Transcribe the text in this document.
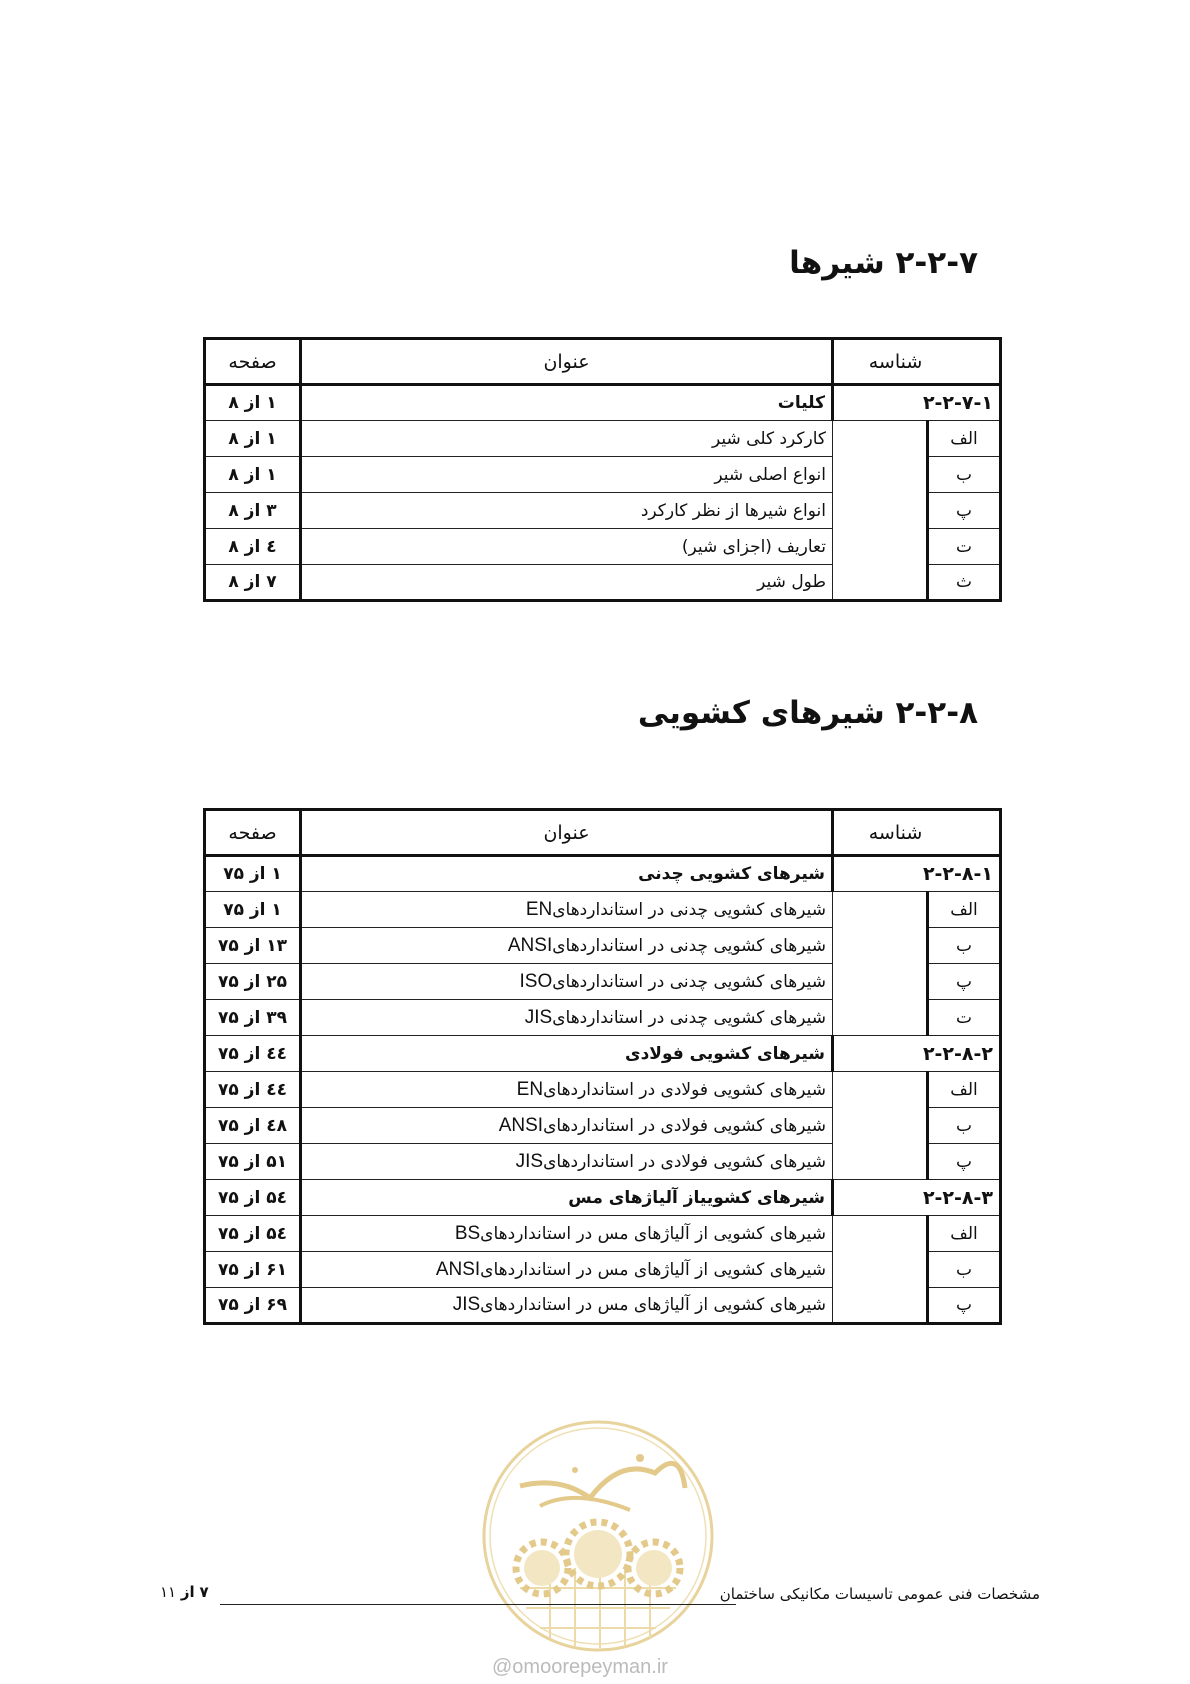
۲-۲-۷ شیرها
شناسه		عنوان	صفحه
۲-۲-۷-۱		کلیات	۱ از ۸
الف		کارکرد کلی شیر	۱ از ۸
ب		انواع اصلی شیر	۱ از ۸
پ		انواع شیرها از نظر کارکرد	۳ از ۸
ت		تعاریف (اجزای شیر)	٤ از ۸
ث		طول شیر	۷ از ۸
۲-۲-۸ شیرهای کشویی
شناسه		عنوان	صفحه
۲-۲-۸-۱		شیرهای کشویی چدنی	۱ از ۷۵
الف		شیرهای کشویی چدنی در استانداردهایEN	۱ از ۷۵
ب		شیرهای کشویی چدنی در استانداردهایANSI	۱۳ از ۷۵
پ		شیرهای کشویی چدنی در استانداردهایISO	۲۵ از ۷۵
ت		شیرهای کشویی چدنی در استانداردهایJIS	۳۹ از ۷۵
۲-۲-۸-۲		شیرهای کشویی فولادی	٤٤ از ۷۵
الف		شیرهای کشویی فولادی در استانداردهایEN	٤٤ از ۷۵
ب		شیرهای کشویی فولادی در استانداردهایANSI	٤۸ از ۷۵
پ		شیرهای کشویی فولادی در استانداردهایJIS	۵۱ از ۷۵
۲-۲-۸-۳		شیرهای کشوییاز آلیاژهای مس	۵٤ از ۷۵
الف		شیرهای کشویی از آلیاژهای مس در استانداردهایBS	۵٤ از ۷۵
ب		شیرهای کشویی از آلیاژهای مس در استانداردهایANSI	۶۱ از ۷۵
پ		شیرهای کشویی از آلیاژهای مس در استانداردهایJIS	۶۹ از ۷۵
@omoorepeyman.ir
مشخصات فنی عمومی تاسیسات مکانیکی ساختمان
۷ از ۱۱
